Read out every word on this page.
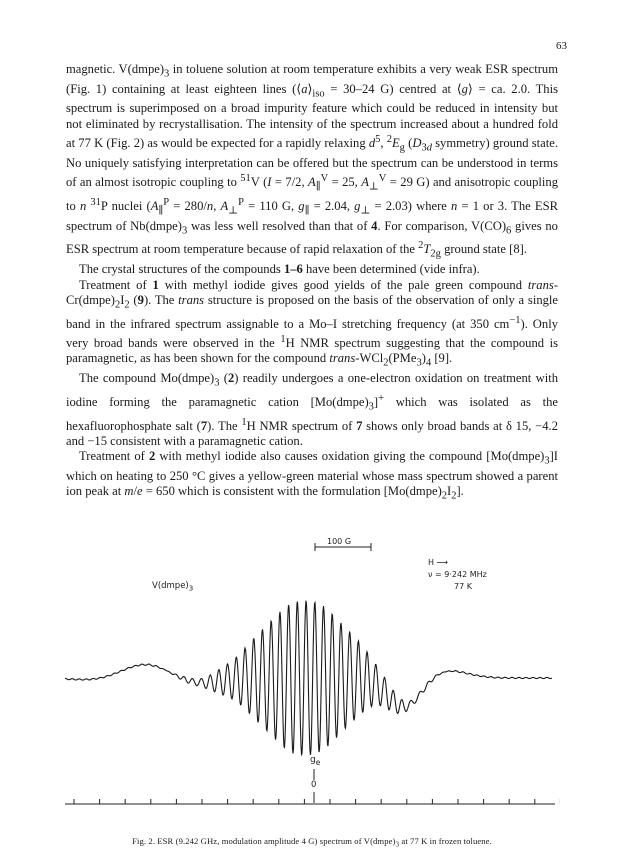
63

magnetic. $V(dmpe)_3$ in toluene solution at room temperature exhibits a very weak ESR spectrum (Fig. 1) containing at least eighteen lines ($⟨a⟩_{iso} = 30-24$ G) centred at ⟨g⟩ = ca. 2.0. This spectrum is superimposed on a broad impurity feature which could be reduced in intensity but not eliminated by recrystallisation. The intensity of the spectrum increased about a hundred fold at 77 K (Fig. 2) as would be expected for a rapidly relaxing $d^5$, $^2E_g$ ($D_{3d}$ symmetry) ground state. No uniquely satisfying interpretation can be offered but the spectrum can be understood in terms of an almost isotropic coupling to $^{51}$V (I = 7/2, $A_\parallel^V = 25$, $A_\perp^V = 29$ G) and anisotropic coupling to n $^{31}$P nuclei ($A_\parallel^P = 280/n$, $A_\perp^P = 110$ G, $g_\parallel = 2.04$, $g_\perp = 2.03$) where n = 1 or 3. The ESR spectrum of $Nb(dmpe)_3$ was less well resolved than that of 4. For comparison, $V(CO)_6$ gives no ESR spectrum at room temperature because of rapid relaxation of the $^2T_{2g}$ ground state [8].

The crystal structures of the compounds 1–6 have been determined (vide infra).

Treatment of 1 with methyl iodide gives good yields of the pale green compound trans-$Cr(dmpe)_2I_2$ (9). The trans structure is proposed on the basis of the observation of only a single band in the infrared spectrum assignable to a Mo–I stretching frequency (at 350 $cm^{-1}$). Only very broad bands were observed in the $^1$H NMR spectrum suggesting that the compound is paramagnetic, as has been shown for the compound trans-$WCl_2(PMe_3)_4$ [9].

The compound $Mo(dmpe)_3$ (2) readily undergoes a one-electron oxidation on treatment with iodine forming the paramagnetic cation $[Mo(dmpe)_3]^+$ which was isolated as the hexafluorophosphate salt (7). The $^1$H NMR spectrum of 7 shows only broad bands at δ 15, −4.2 and −15 consistent with a paramagnetic cation.

Treatment of 2 with methyl iodide also causes oxidation giving the compound $[Mo(dmpe)_3]I$ which on heating to 250 °C gives a yellow-green material whose mass spectrum showed a parent ion peak at m/e = 650 which is consistent with the formulation $[Mo(dmpe)_2I_2]$.

100 G
$V(dmpe)_3$
H ⟶
ν = 9·242 MHz
77 K
$g_e$
0
Fig. 2. ESR (9.242 GHz, modulation amplitude 4 G) spectrum of $V(dmpe)_3$ at 77 K in frozen toluene.
